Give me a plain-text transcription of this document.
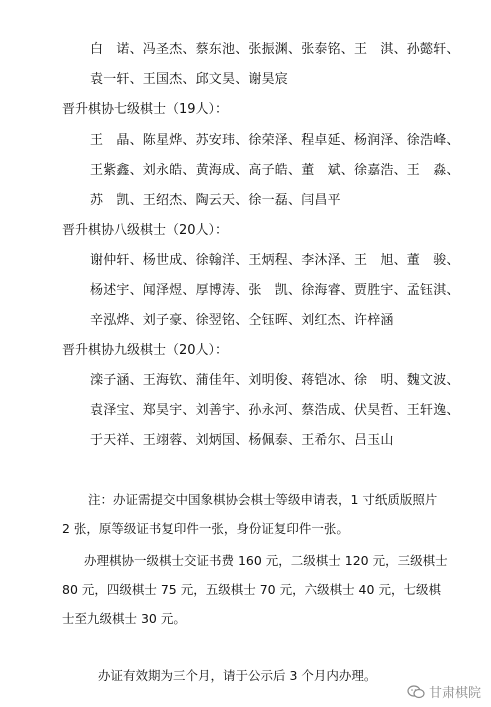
白　诺、冯圣杰、蔡东池、张振渊、张泰铭、王　淇、孙懿轩、
袁一轩、王国杰、邱文昊、谢昊宸
晋升棋协七级棋士（19人）：
王　晶、陈星烨、苏安玮、徐荣泽、程卓延、杨润泽、徐浩峰、
王紫鑫、刘永皓、黄海成、高子皓、董　斌、徐嘉浩、王　淼、
苏　凯、王绍杰、陶云天、徐一磊、闫昌平
晋升棋协八级棋士（20人）：
谢仲轩、杨世成、徐翰洋、王炳程、李沐泽、王　旭、董　骏、
杨述宇、闻泽煜、厚博涛、张　凯、徐海睿、贾胜宇、孟钰淇、
辛泓烨、刘子豪、徐翌铭、仝钰晖、刘红杰、许梓涵
晋升棋协九级棋士（20人）：
滦子涵、王海钦、蒲佳年、刘明俊、蒋铠冰、徐　明、魏文波、
袁泽宝、郑昊宇、刘善宇、孙永河、蔡浩成、伏昊哲、王轩逸、
于天祥、王翊蓉、刘炳国、杨佩泰、王希尔、吕玉山
注：办证需提交中国象棋协会棋士等级申请表，1 寸纸质版照片
2 张，原等级证书复印件一张，身份证复印件一张。
办理棋协一级棋士交证书费 160 元，二级棋士 120 元，三级棋士
80 元，四级棋士 75 元，五级棋士 70 元，六级棋士 40 元，七级棋
士至九级棋士 30 元。
办证有效期为三个月，请于公示后 3 个月内办理。
甘肃棋院
